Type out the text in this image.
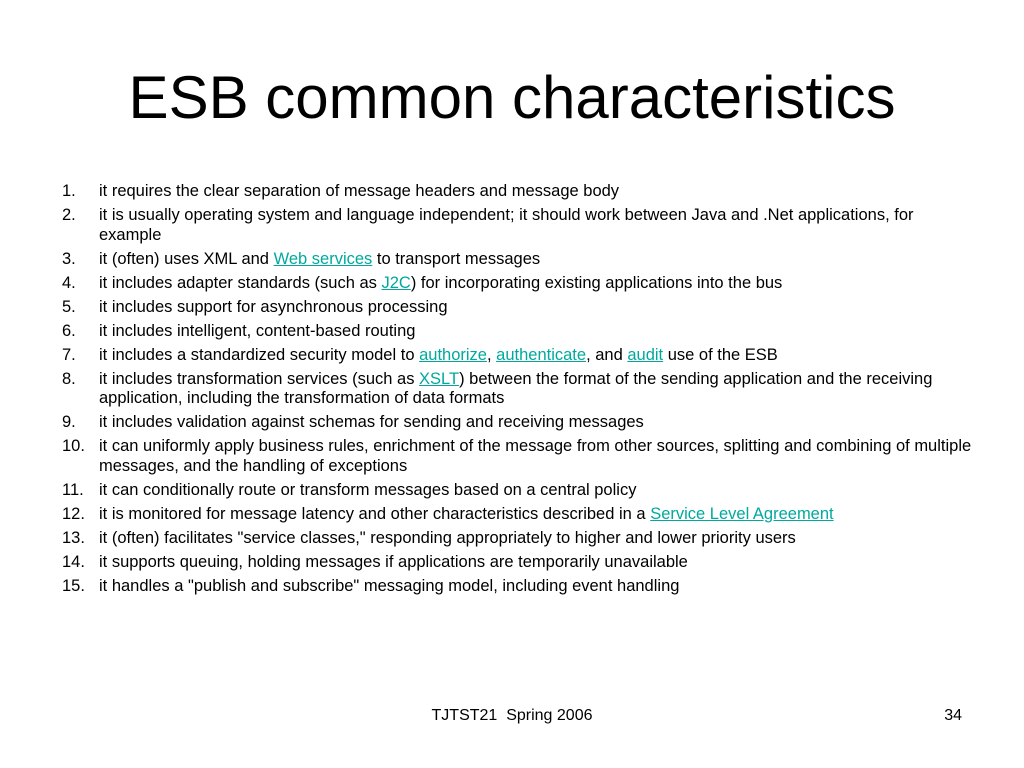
ESB common characteristics
1. it requires the clear separation of message headers and message body
2. it is usually operating system and language independent; it should work between Java and .Net applications, for example
3. it (often) uses XML and Web services to transport messages
4. it includes adapter standards (such as J2C) for incorporating existing applications into the bus
5. it includes support for asynchronous processing
6. it includes intelligent, content-based routing
7. it includes a standardized security model to authorize, authenticate, and audit use of the ESB
8. it includes transformation services (such as XSLT) between the format of the sending application and the receiving application, including the transformation of data formats
9. it includes validation against schemas for sending and receiving messages
10. it can uniformly apply business rules, enrichment of the message from other sources, splitting and combining of multiple messages, and the handling of exceptions
11. it can conditionally route or transform messages based on a central policy
12. it is monitored for message latency and other characteristics described in a Service Level Agreement
13. it (often) facilitates "service classes," responding appropriately to higher and lower priority users
14. it supports queuing, holding messages if applications are temporarily unavailable
15. it handles a "publish and subscribe" messaging model, including event handling
TJTST21  Spring 2006	34
